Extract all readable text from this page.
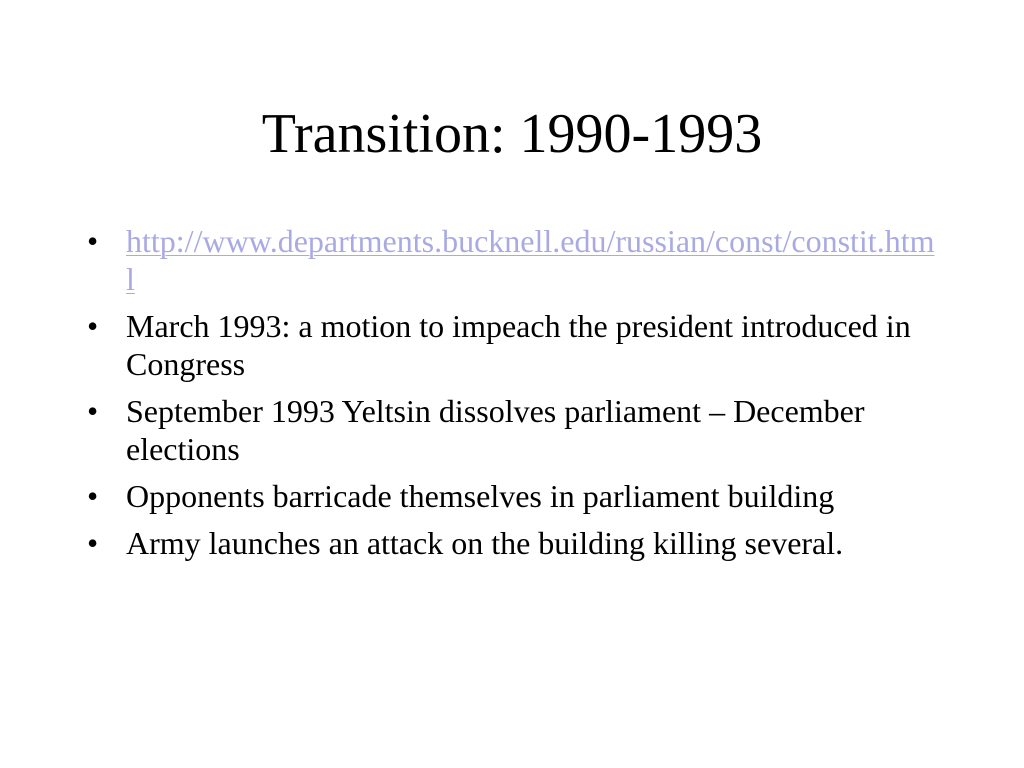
Transition: 1990-1993
• http://www.departments.bucknell.edu/russian/const/constit.html
• March 1993: a motion to impeach the president introduced in Congress
• September 1993 Yeltsin dissolves parliament – December elections
• Opponents barricade themselves in parliament building
• Army launches an attack on the building killing several.
